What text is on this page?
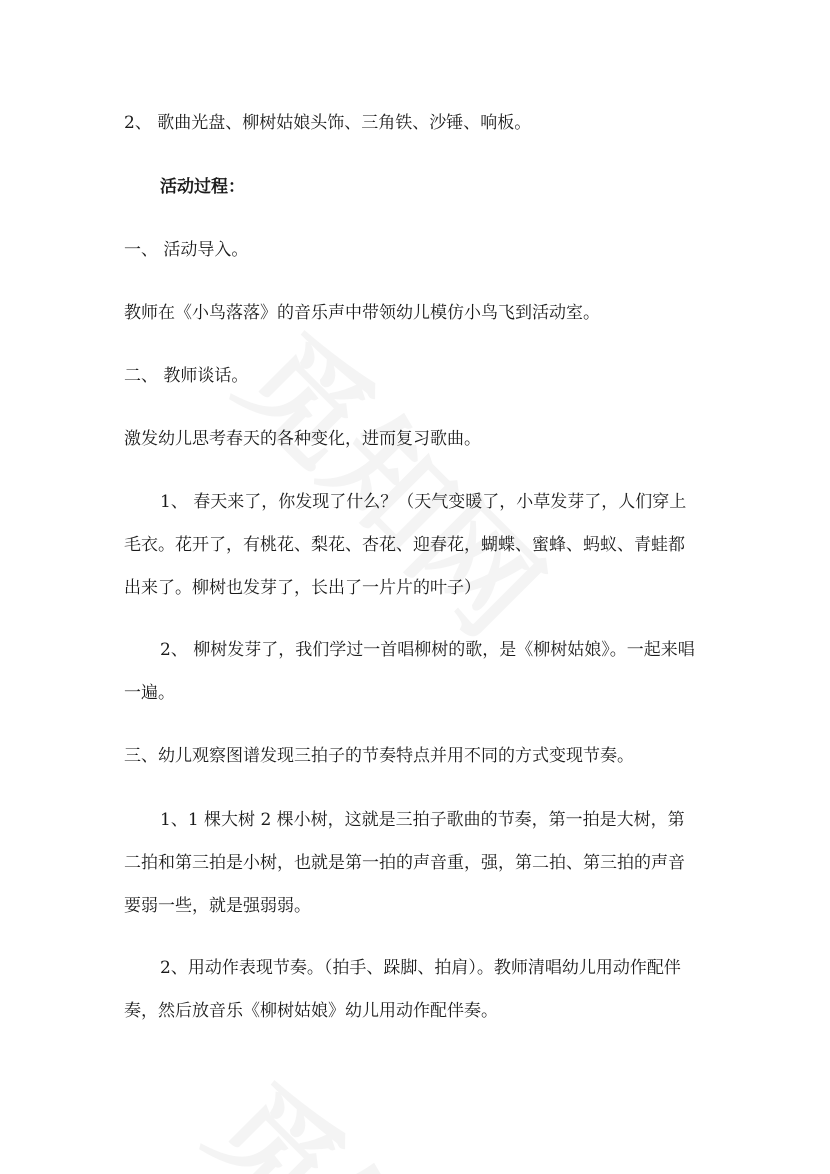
2、 歌曲光盘、柳树姑娘头饰、三角铁、沙锤、响板。

活动过程：

一、 活动导入。

教师在《小鸟落落》的音乐声中带领幼儿模仿小鸟飞到活动室。

二、 教师谈话。

激发幼儿思考春天的各种变化，进而复习歌曲。

1、 春天来了，你发现了什么？（天气变暖了，小草发芽了，人们穿上毛衣。花开了，有桃花、梨花、杏花、迎春花，蝴蝶、蜜蜂、蚂蚁、青蛙都出来了。柳树也发芽了，长出了一片片的叶子）

2、 柳树发芽了，我们学过一首唱柳树的歌，是《柳树姑娘》。一起来唱一遍。

三、幼儿观察图谱发现三拍子的节奏特点并用不同的方式变现节奏。

1、1 棵大树 2 棵小树，这就是三拍子歌曲的节奏，第一拍是大树，第二拍和第三拍是小树，也就是第一拍的声音重，强，第二拍、第三拍的声音要弱一些，就是强弱弱。

2、用动作表现节奏。（拍手、跺脚、拍肩）。教师清唱幼儿用动作配伴奏，然后放音乐《柳树姑娘》幼儿用动作配伴奏。
